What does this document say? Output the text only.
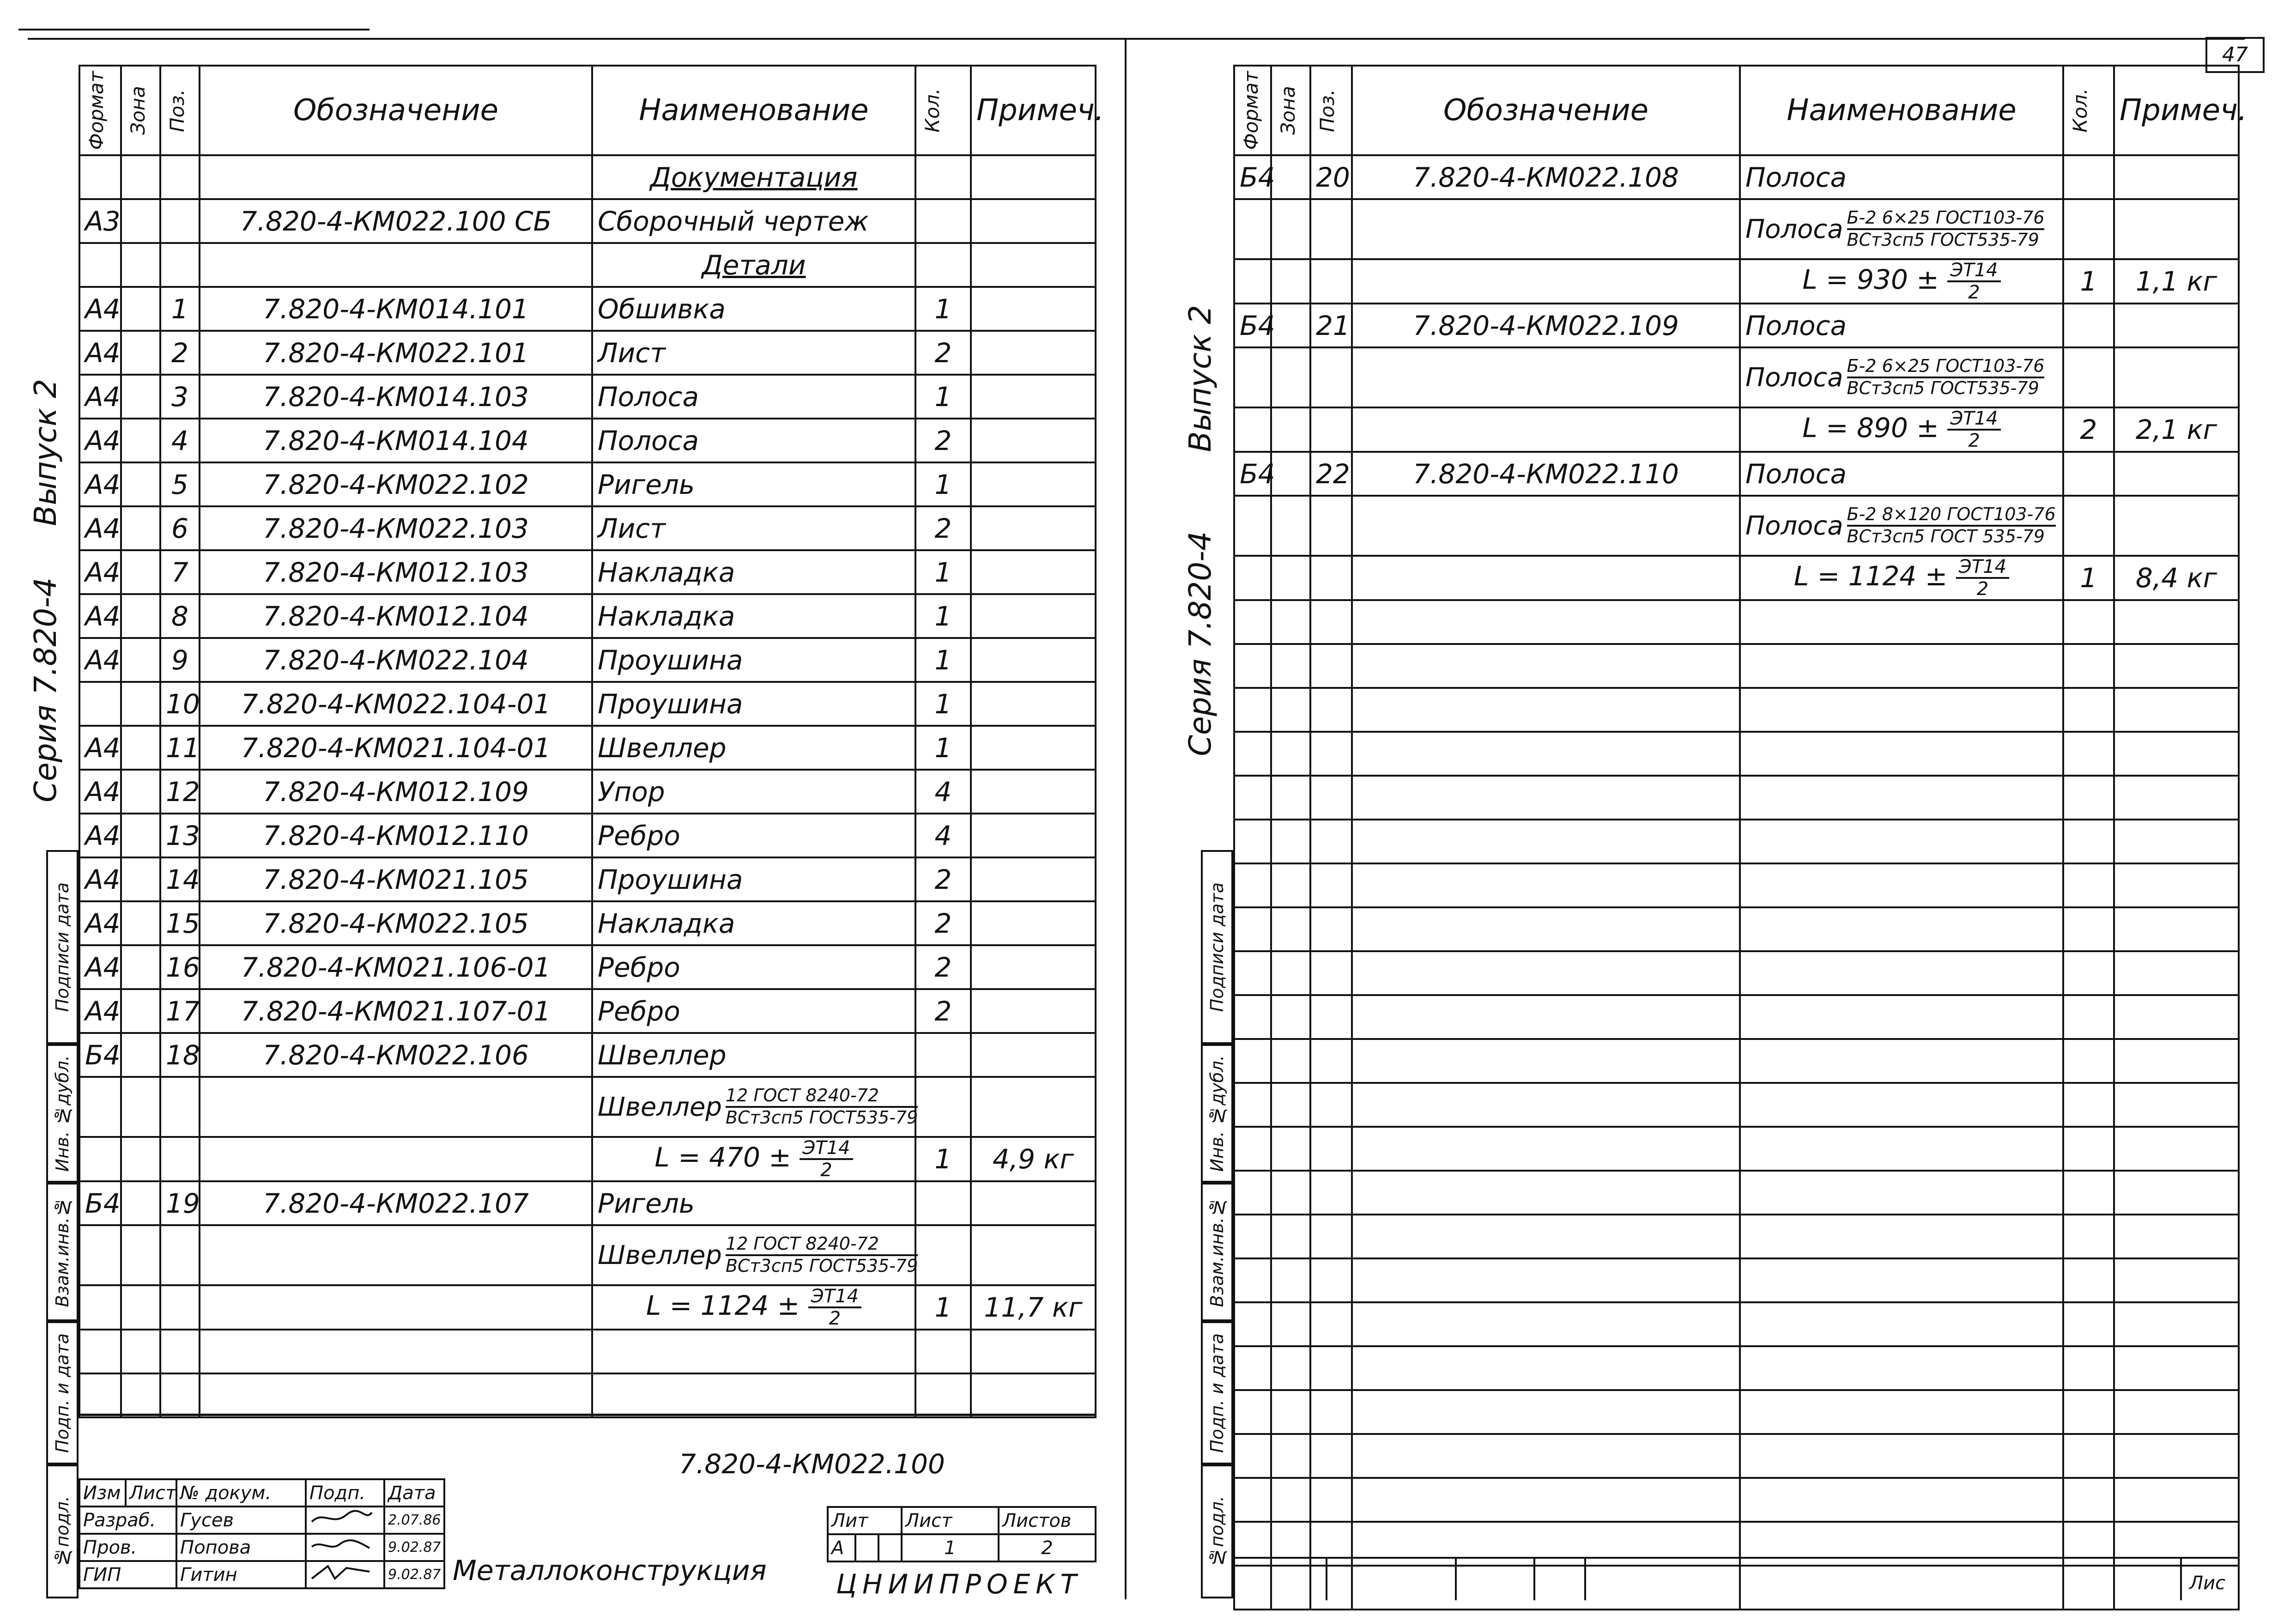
47
Выпуск 2
Серия 7.820-4
Выпуск 2
Серия 7.820-4
Формат	Зона	Поз.	Обозначение	Наименование	Кол.	Примеч.
				Документация		
А3			7.820-4-КМ022.100 СБ	Сборочный чертеж		
				Детали		
А4		1	7.820-4-КМ014.101	Обшивка	1	
А4		2	7.820-4-КМ022.101	Лист	2	
А4		3	7.820-4-КМ014.103	Полоса	1	
А4		4	7.820-4-КМ014.104	Полоса	2	
А4		5	7.820-4-КМ022.102	Ригель	1	
А4		6	7.820-4-КМ022.103	Лист	2	
А4		7	7.820-4-КМ012.103	Накладка	1	
А4		8	7.820-4-КМ012.104	Накладка	1	
А4		9	7.820-4-КМ022.104	Проушина	1	
		10	7.820-4-КМ022.104-01	Проушина	1	
А4		11	7.820-4-КМ021.104-01	Швеллер	1	
А4		12	7.820-4-КМ012.109	Упор	4	
А4		13	7.820-4-КМ012.110	Ребро	4	
А4		14	7.820-4-КМ021.105	Проушина	2	
А4		15	7.820-4-КМ022.105	Накладка	2	
А4		16	7.820-4-КМ021.106-01	Ребро	2	
А4		17	7.820-4-КМ021.107-01	Ребро	2	
Б4		18	7.820-4-КМ022.106	Швеллер		

				Швеллер 12 ГОСТ 8240-72
ВСт3сп5 ГОСТ535-79		

				$L = 470 \pm \frac{ЭТ14}{2}$	1	4,9 кг
Б4		19	7.820-4-КМ022.107	Ригель		

				Швеллер 12 ГОСТ 8240-72
ВСт3сп5 ГОСТ535-79		

				$L = 1124 \pm \frac{ЭТ14}{2}$	1	11,7 кг

Подписи дата
Инв. №дубл.
Взам.инв.№
Подп. и дата
№подл.
7.820-4-КМ022.100
Изм	Лист	№ докум.	Подп.	Дата
Разраб.		Гусев		2.07.86
Пров.		Попова		9.02.87
ГИП		Гитин		9.02.87 Металлоконструкция
Лит			Лист	Листов
А			1	2
ЦНИИПРОЕКТ
Формат	Зона	Поз.	Обозначение	Наименование	Кол.	Примеч.
Б4		20	7.820-4-КМ022.108	Полоса		

				Полоса Б-2 6×25 ГОСТ103-76
ВСт3сп5 ГОСТ535-79		

				$L = 930 \pm \frac{ЭТ14}{2}$	1	1,1 кг
Б4		21	7.820-4-КМ022.109	Полоса		

				Полоса Б-2 6×25 ГОСТ103-76
ВСт3сп5 ГОСТ535-79		

				$L = 890 \pm \frac{ЭТ14}{2}$	2	2,1 кг
Б4		22	7.820-4-КМ022.110	Полоса		

				Полоса Б-2 8×120 ГОСТ103-76
ВСт3сп5 ГОСТ 535-79		

				$L = 1124 \pm \frac{ЭТ14}{2}$	1	8,4 кг

Подписи дата
Инв. №дубл.
Взам.инв.№
Подп. и дата
№подл.
Лис
